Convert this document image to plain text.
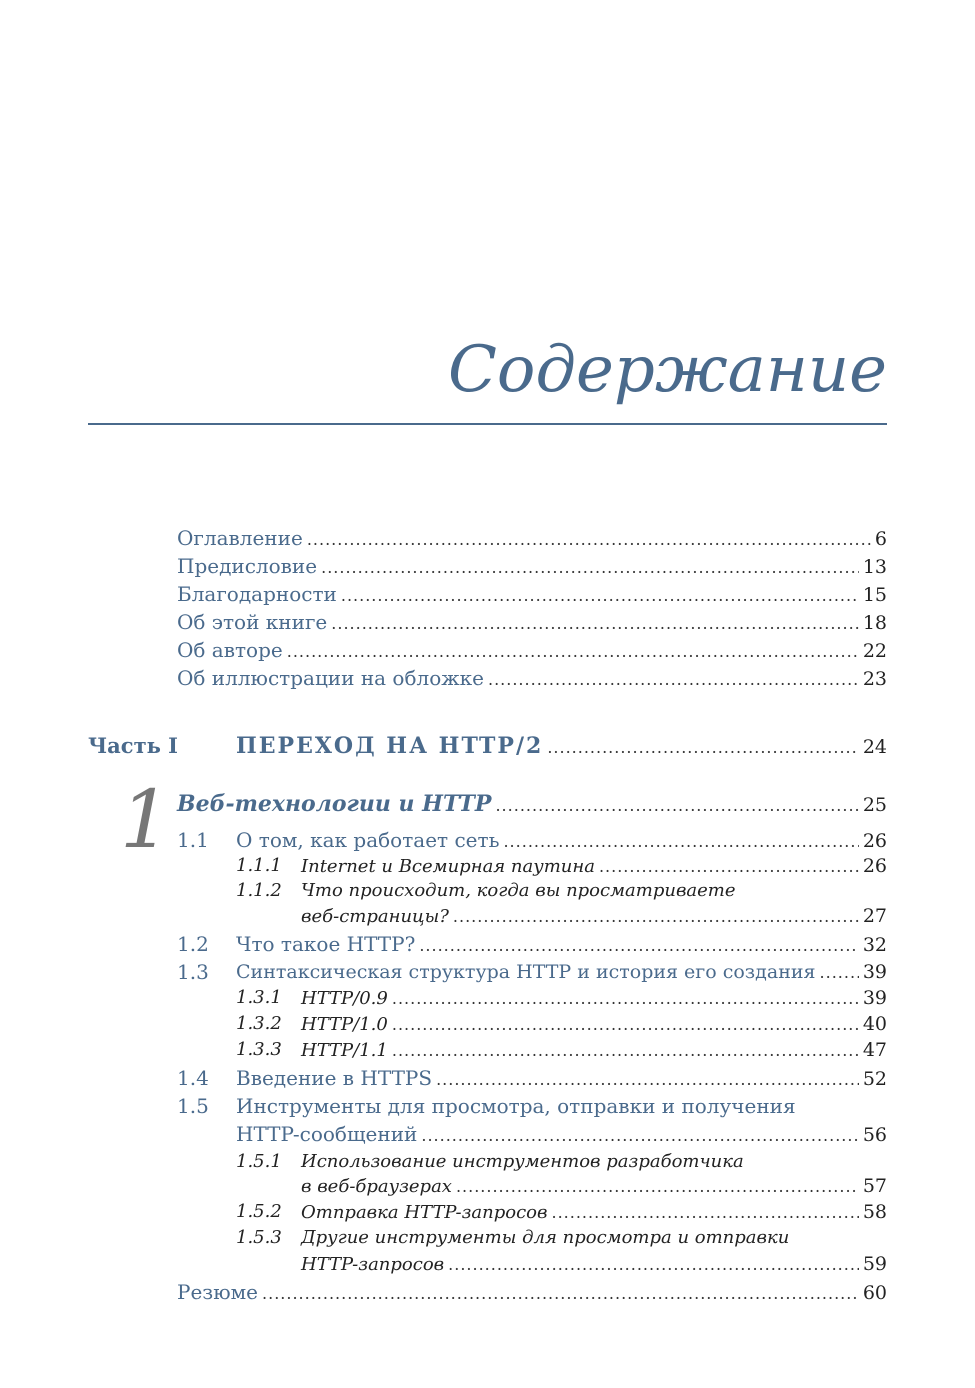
Содержание
Оглавление .....	6
Предисловие .....	13
Благодарности .....	15
Об этой книге .....	18
Об авторе .....	22
Об иллюстрации на обложке .....	23
Часть I	ПЕРЕХОД НА HTTP/2 .....	24
1 Веб-технологии и HTTP .....	25
1.1 О том, как работает сеть .....	26
1.1.1 Internet и Всемирная паутина .....	26
1.1.2 Что происходит, когда вы просматриваете
веб-страницы? .....	27
1.2 Что такое HTTP? .....	32
1.3 Синтаксическая структура HTTP и история его создания ..... 39
1.3.1 HTTP/0.9 .....	39
1.3.2 HTTP/1.0 .....	40
1.3.3 HTTP/1.1 .....	47
1.4 Введение в HTTPS .....	52
1.5 Инструменты для просмотра, отправки и получения
HTTP-сообщений .....	56
1.5.1 Использование инструментов разработчика
в веб-браузерах .....	57
1.5.2 Отправка HTTP-запросов .....	58
1.5.3 Другие инструменты для просмотра и отправки
HTTP-запросов .....	59
Резюме .....	60
